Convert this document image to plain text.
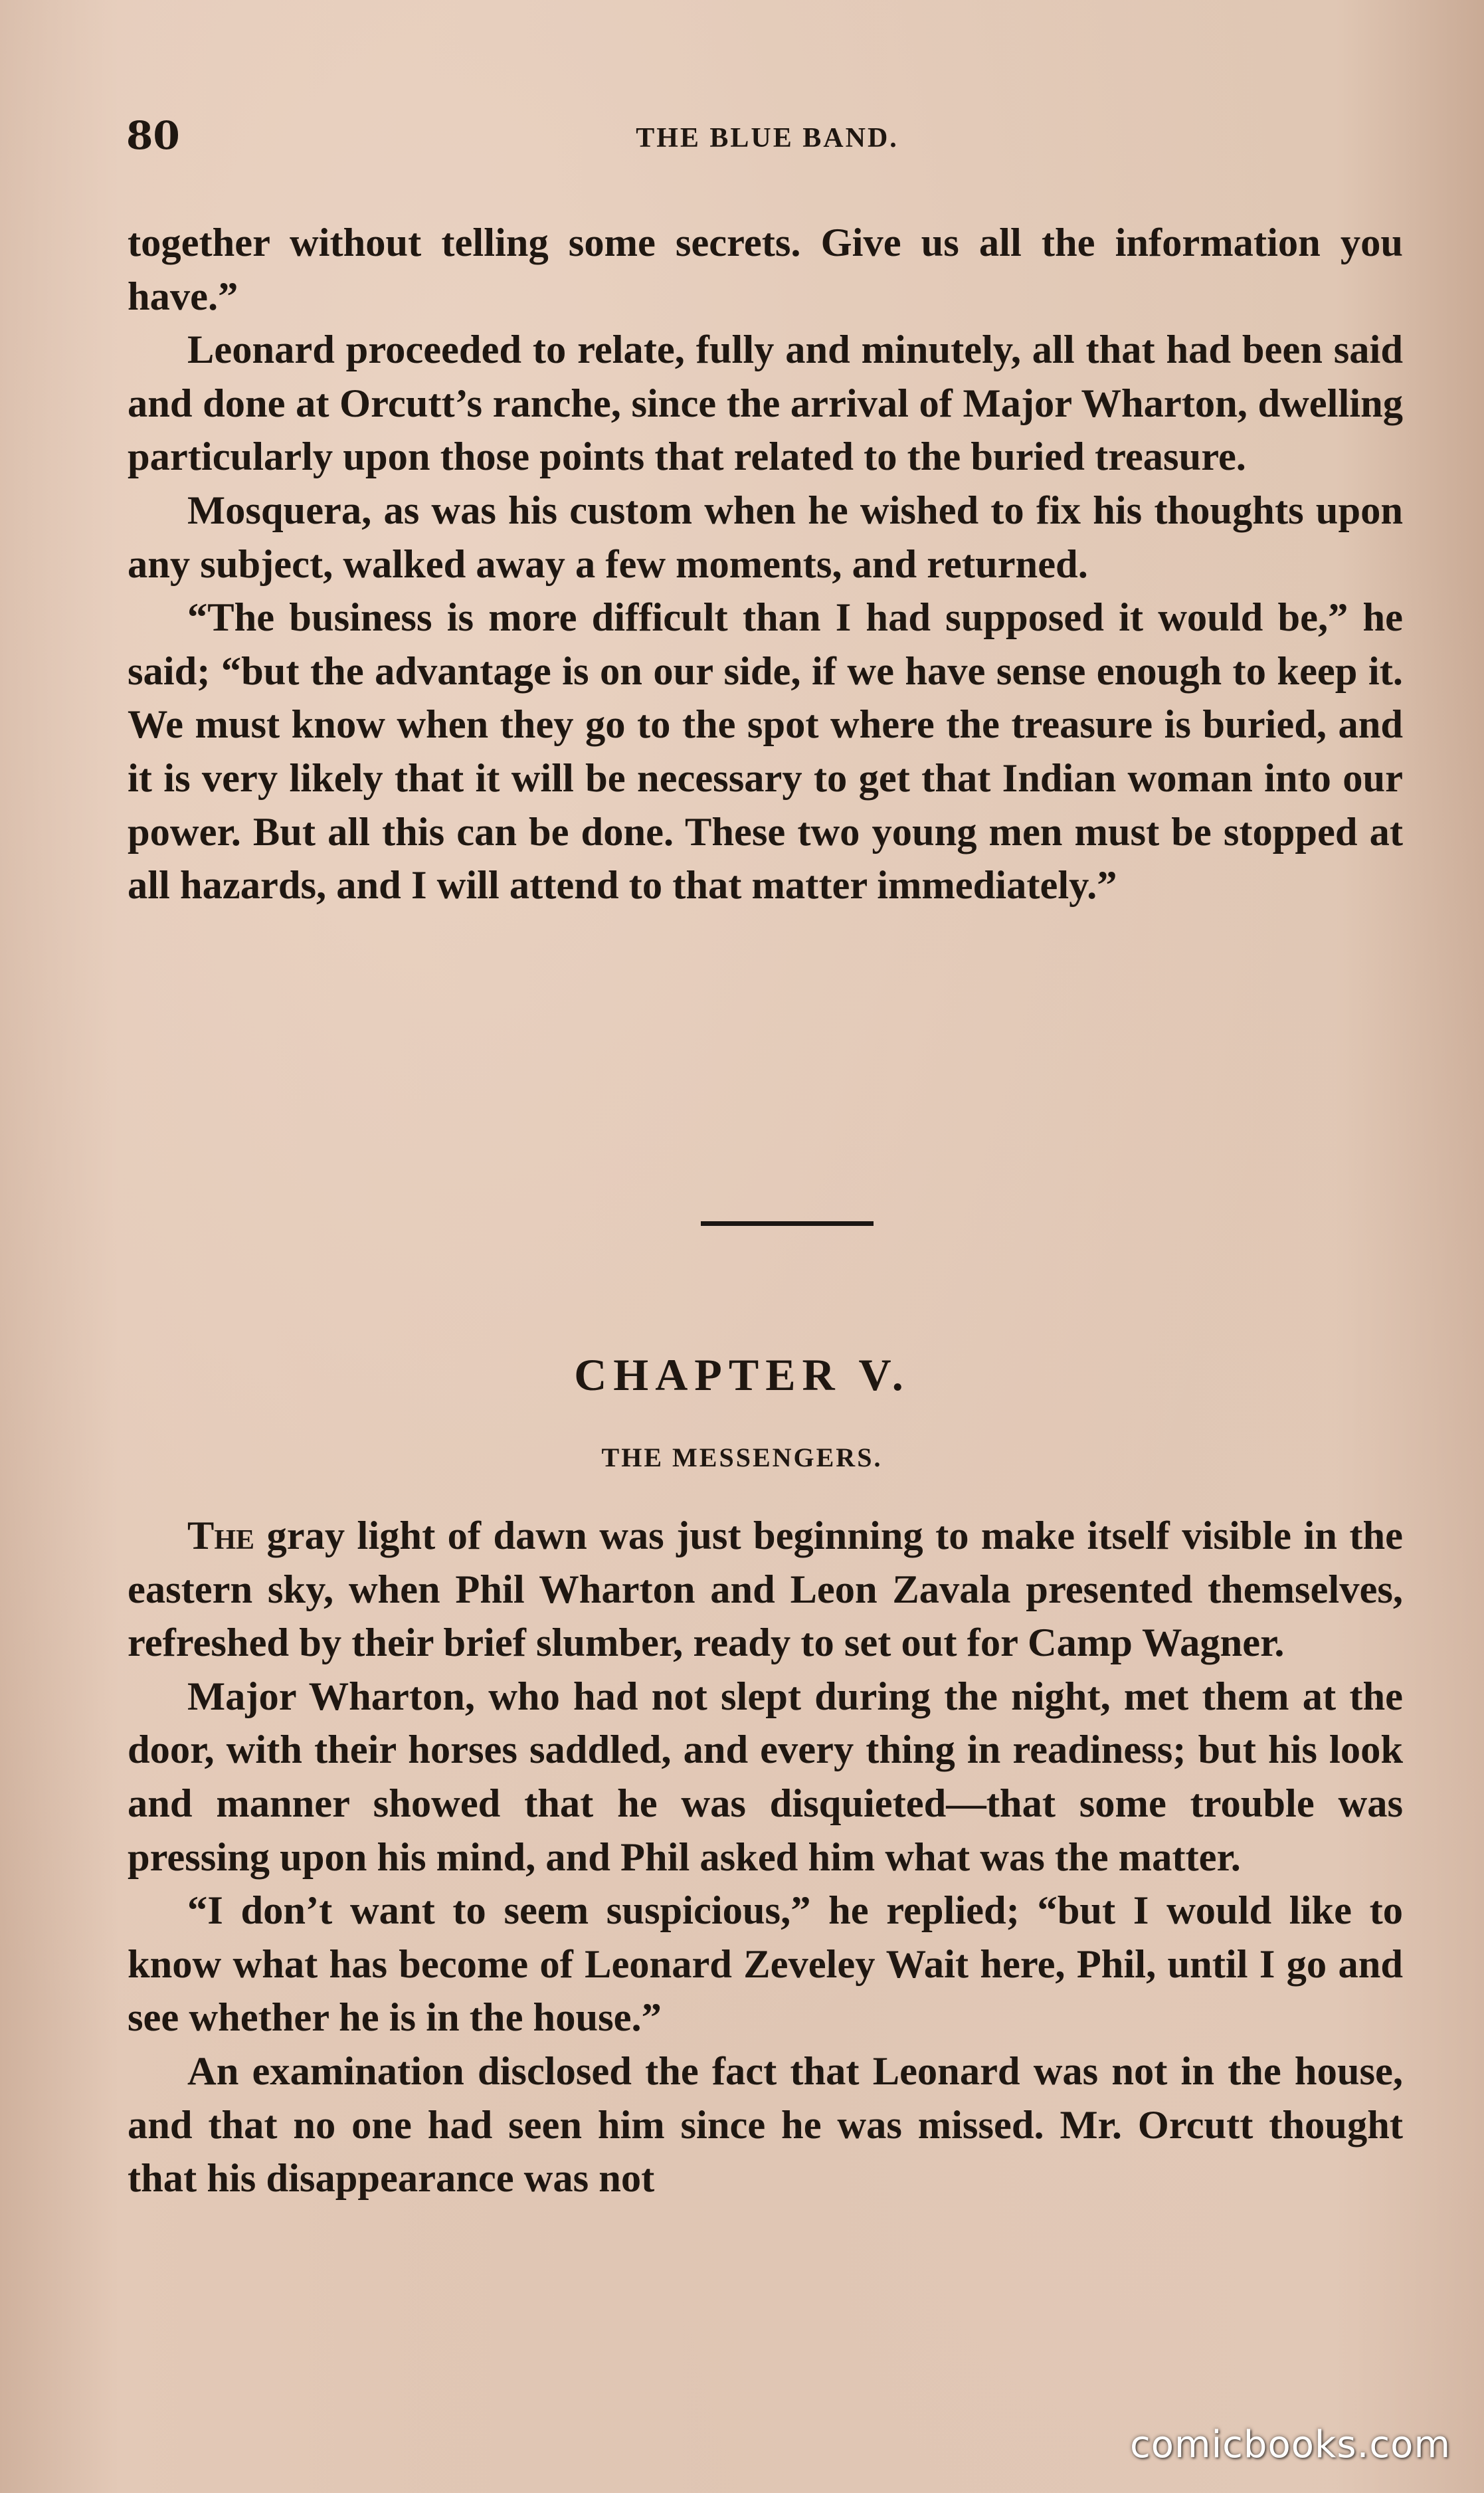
80	THE BLUE BAND.

together without telling some secrets. Give us all the information you have.”

Leonard proceeded to relate, fully and minutely, all that had been said and done at Orcutt’s ranche, since the arrival of Major Wharton, dwelling particularly upon those points that related to the buried treasure.

Mosquera, as was his custom when he wished to fix his thoughts upon any subject, walked away a few moments, and returned.

“The business is more difficult than I had supposed it would be,” he said; “but the advantage is on our side, if we have sense enough to keep it. We must know when they go to the spot where the treasure is buried, and it is very likely that it will be necessary to get that Indian woman into our power. But all this can be done. These two young men must be stopped at all hazards, and I will attend to that matter immediately.”

CHAPTER V.
THE MESSENGERS.

The gray light of dawn was just beginning to make itself visible in the eastern sky, when Phil Wharton and Leon Zavala presented themselves, refreshed by their brief slumber, ready to set out for Camp Wagner.

Major Wharton, who had not slept during the night, met them at the door, with their horses saddled, and every thing in readiness; but his look and manner showed that he was disquieted—that some trouble was pressing upon his mind, and Phil asked him what was the matter.

“I don’t want to seem suspicious,” he replied; “but I would like to know what has become of Leonard Zeveley Wait here, Phil, until I go and see whether he is in the house.”

An examination disclosed the fact that Leonard was not in the house, and that no one had seen him since he was missed. Mr. Orcutt thought that his disappearance was not

comicbooks.com
